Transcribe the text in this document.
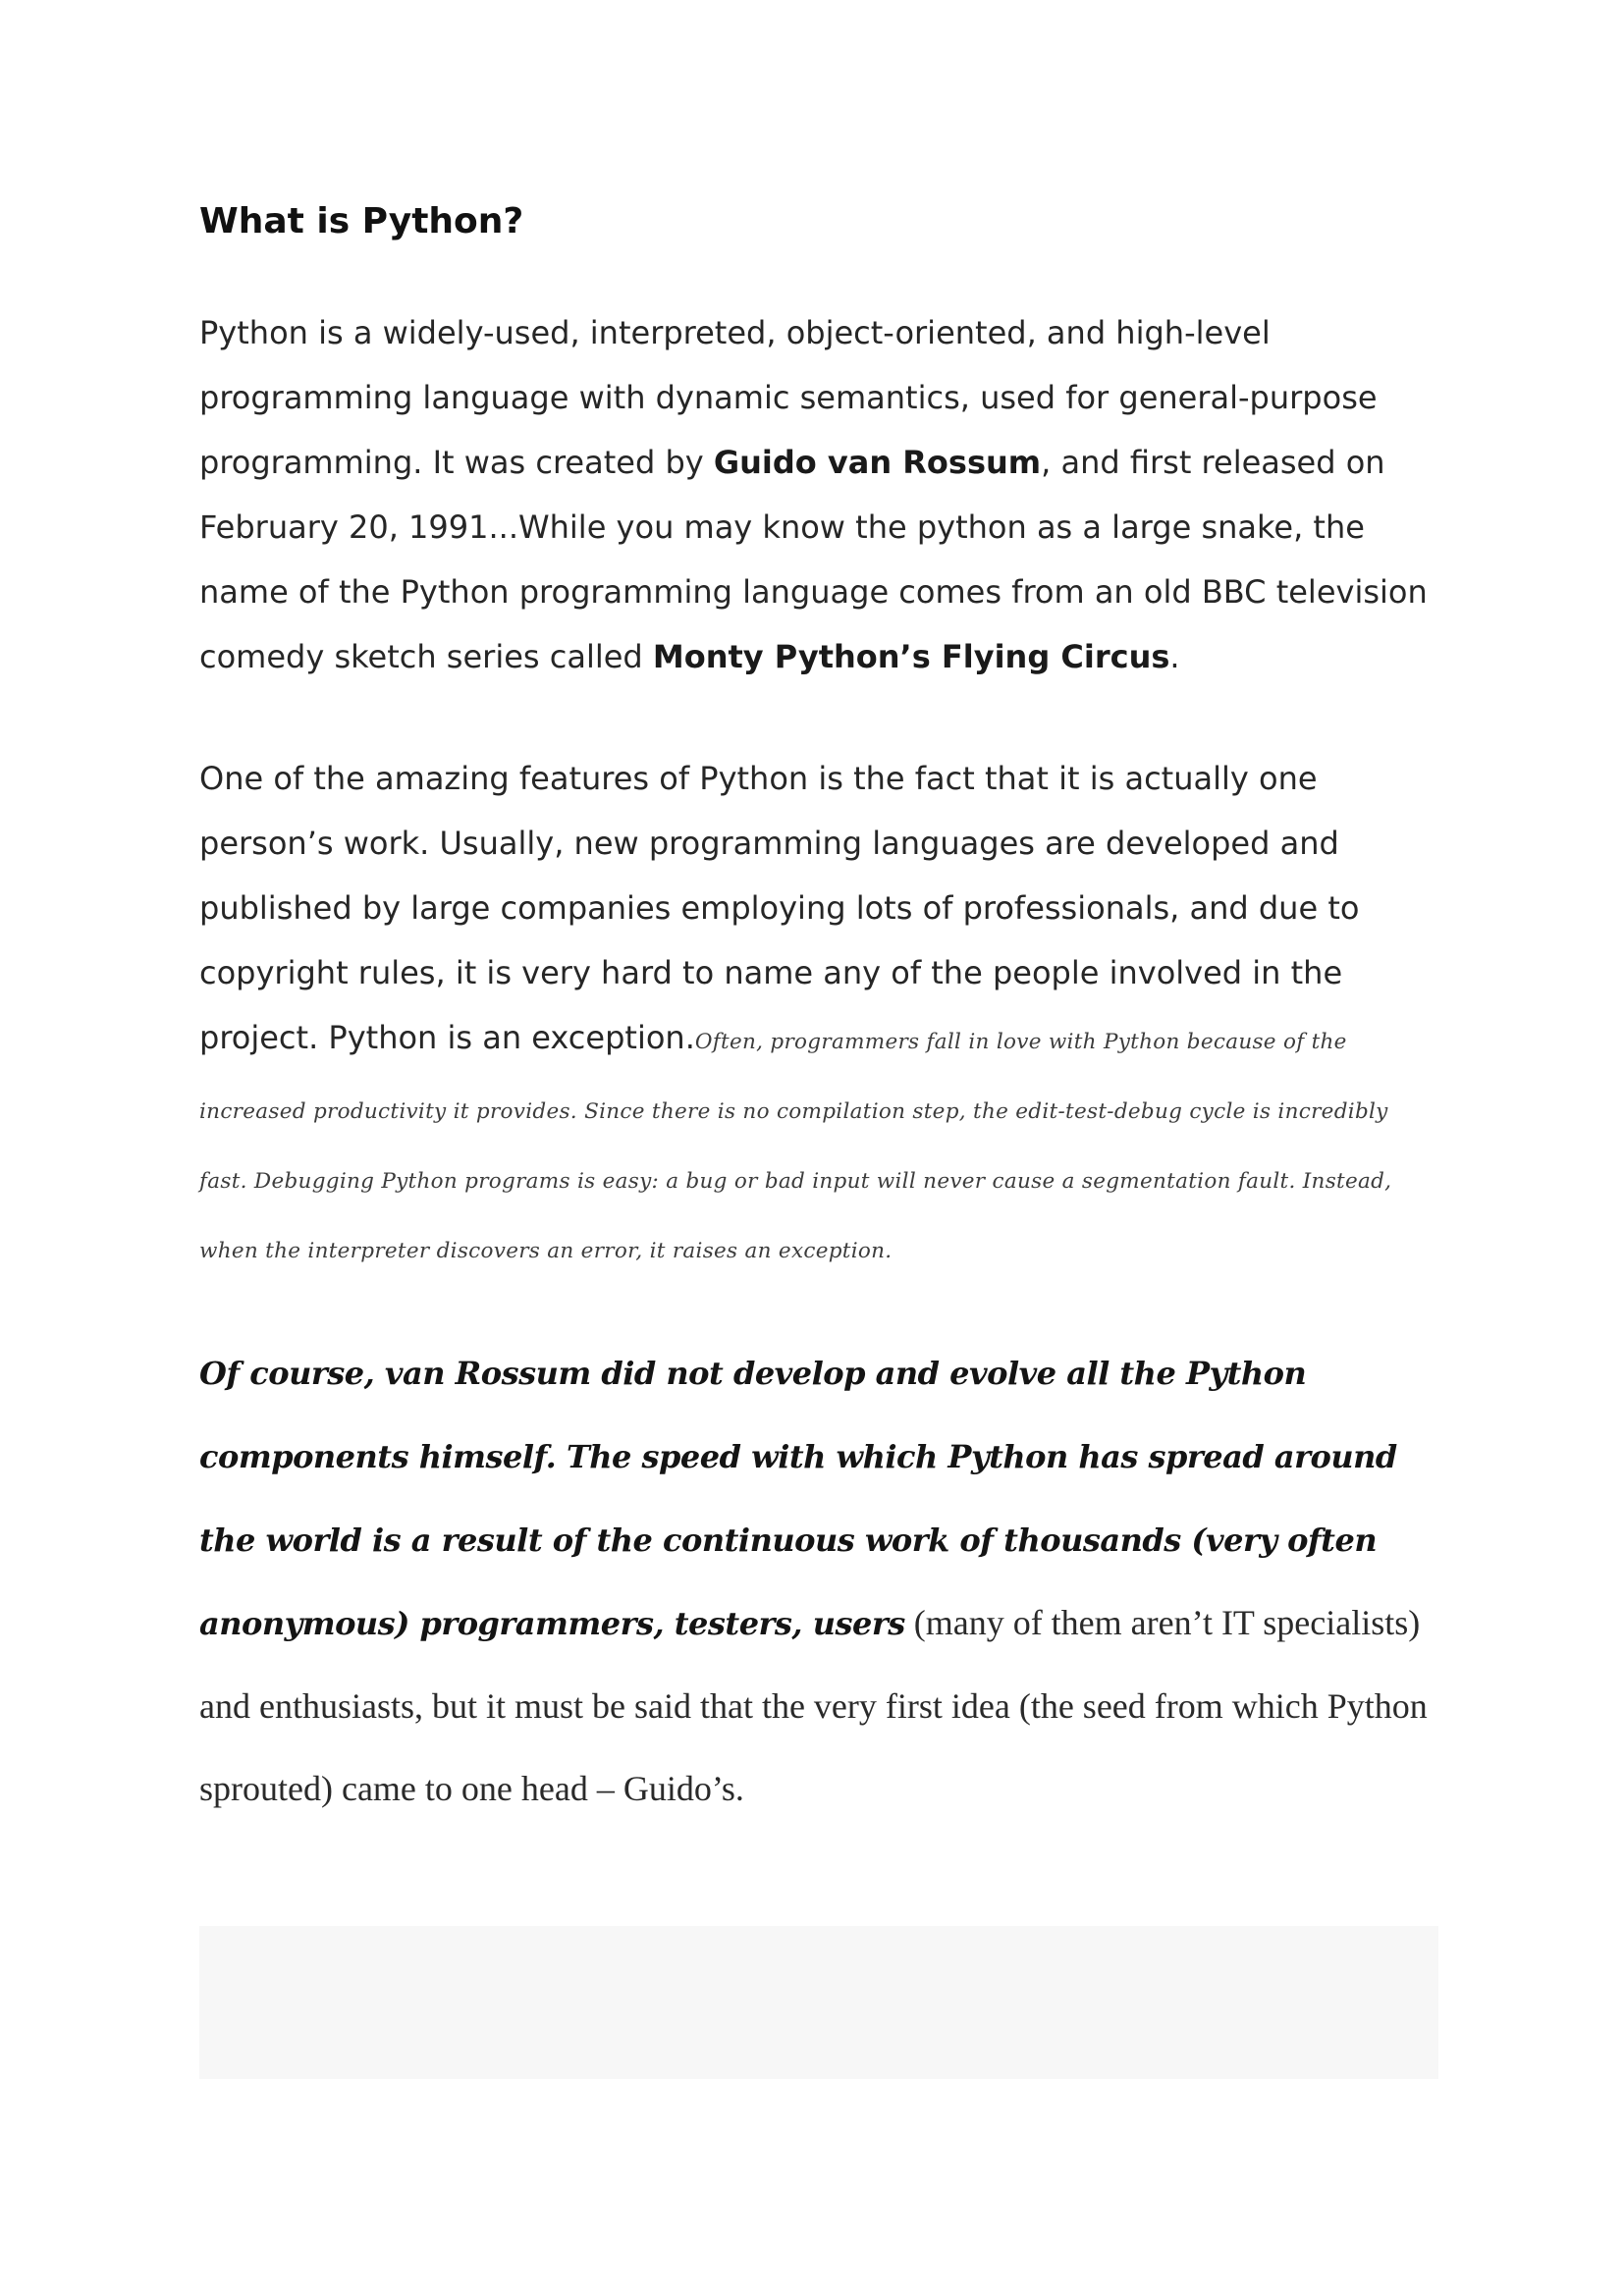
What is Python?

Python is a widely-used, interpreted, object-oriented, and high-level programming language with dynamic semantics, used for general-purpose programming. It was created by Guido van Rossum, and first released on February 20, 1991...While you may know the python as a large snake, the name of the Python programming language comes from an old BBC television comedy sketch series called Monty Python’s Flying Circus.

One of the amazing features of Python is the fact that it is actually one person’s work. Usually, new programming languages are developed and published by large companies employing lots of professionals, and due to copyright rules, it is very hard to name any of the people involved in the project. Python is an exception.Often, programmers fall in love with Python because of the increased productivity it provides. Since there is no compilation step, the edit-test-debug cycle is incredibly fast. Debugging Python programs is easy: a bug or bad input will never cause a segmentation fault. Instead, when the interpreter discovers an error, it raises an exception.

Of course, van Rossum did not develop and evolve all the Python components himself. The speed with which Python has spread around the world is a result of the continuous work of thousands (very often anonymous) programmers, testers, users (many of them aren’t IT specialists) and enthusiasts, but it must be said that the very first idea (the seed from which Python sprouted) came to one head – Guido’s.
